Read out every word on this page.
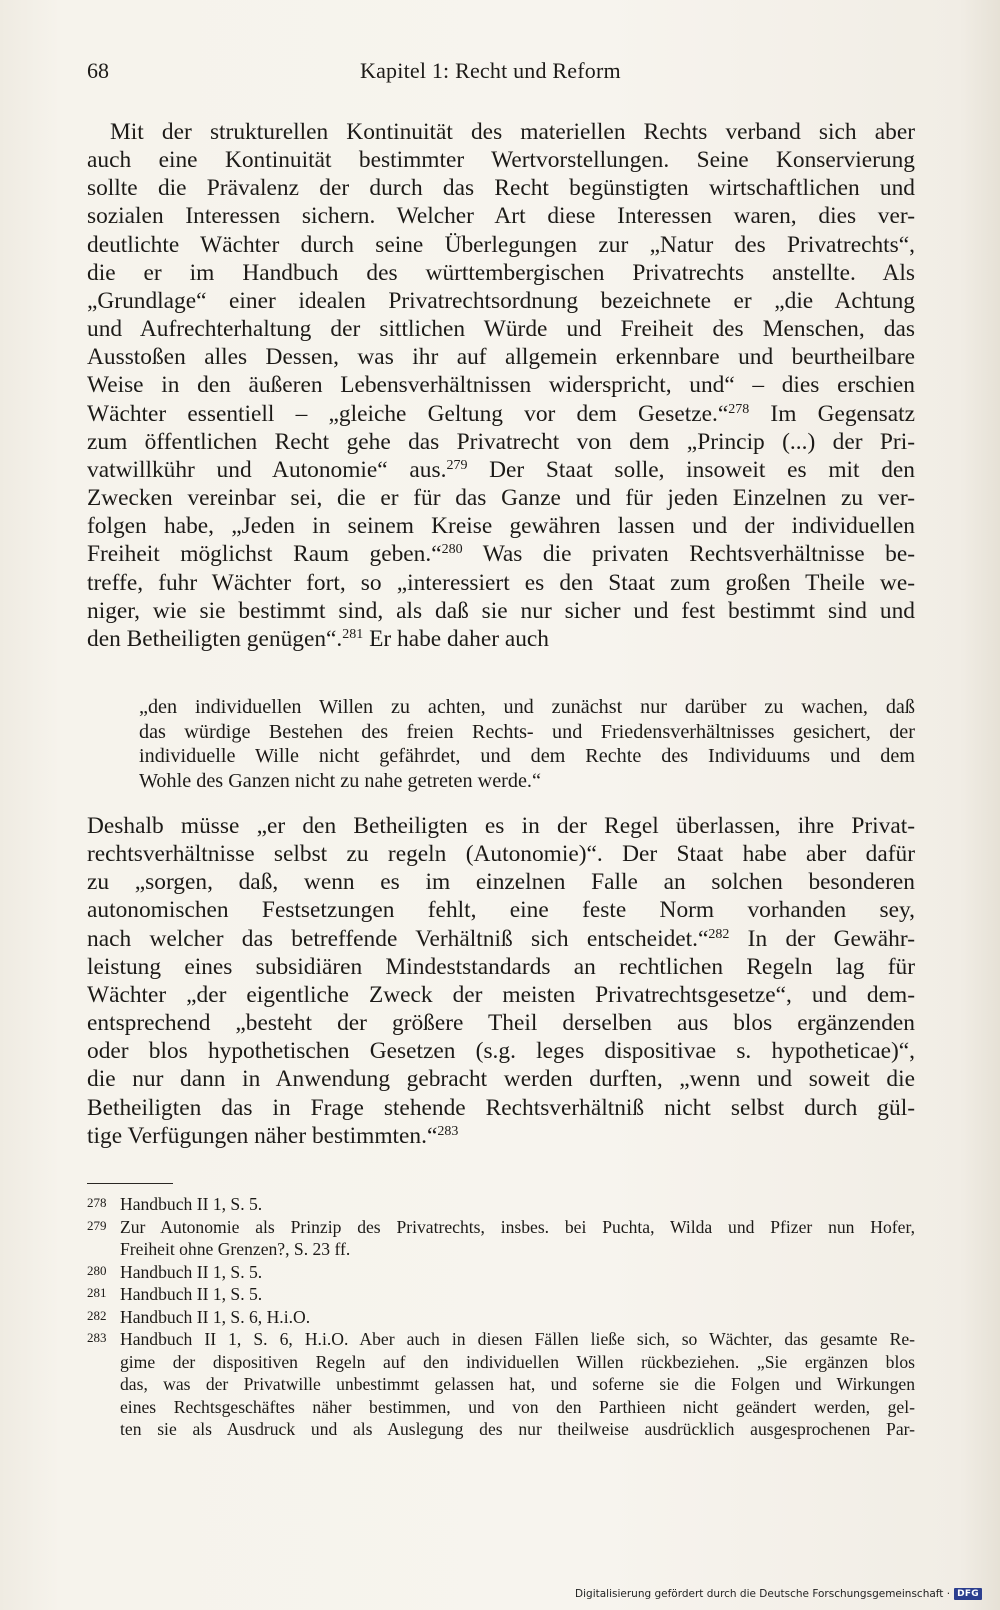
68	Kapitel 1: Recht und Reform
Mit der strukturellen Kontinuität des materiellen Rechts verband sich aber
auch eine Kontinuität bestimmter Wertvorstellungen. Seine Konservierung
sollte die Prävalenz der durch das Recht begünstigten wirtschaftlichen und
sozialen Interessen sichern. Welcher Art diese Interessen waren, dies ver-
deutlichte Wächter durch seine Überlegungen zur „Natur des Privatrechts“,
die er im Handbuch des württembergischen Privatrechts anstellte. Als
„Grundlage“ einer idealen Privatrechtsordnung bezeichnete er „die Achtung
und Aufrechterhaltung der sittlichen Würde und Freiheit des Menschen, das
Ausstoßen alles Dessen, was ihr auf allgemein erkennbare und beurtheilbare
Weise in den äußeren Lebensverhältnissen widerspricht, und“ – dies erschien
Wächter essentiell – „gleiche Geltung vor dem Gesetze.“$^{278}$ Im Gegensatz
zum öffentlichen Recht gehe das Privatrecht von dem „Princip (...) der Pri-
vatwillkühr und Autonomie“ aus.$^{279}$ Der Staat solle, insoweit es mit den
Zwecken vereinbar sei, die er für das Ganze und für jeden Einzelnen zu ver-
folgen habe, „Jeden in seinem Kreise gewähren lassen und der individuellen
Freiheit möglichst Raum geben.“$^{280}$ Was die privaten Rechtsverhältnisse be-
treffe, fuhr Wächter fort, so „interessiert es den Staat zum großen Theile we-
niger, wie sie bestimmt sind, als daß sie nur sicher und fest bestimmt sind und
den Betheiligten genügen“.$^{281}$ Er habe daher auch
„den individuellen Willen zu achten, und zunächst nur darüber zu wachen, daß
das würdige Bestehen des freien Rechts- und Friedensverhältnisses gesichert, der
individuelle Wille nicht gefährdet, und dem Rechte des Individuums und dem
Wohle des Ganzen nicht zu nahe getreten werde.“
Deshalb müsse „er den Betheiligten es in der Regel überlassen, ihre Privat-
rechtsverhältnisse selbst zu regeln (Autonomie)“. Der Staat habe aber dafür
zu „sorgen, daß, wenn es im einzelnen Falle an solchen besonderen
autonomischen Festsetzungen fehlt, eine feste Norm vorhanden sey,
nach welcher das betreffende Verhältniß sich entscheidet.“$^{282}$ In der Gewähr-
leistung eines subsidiären Mindeststandards an rechtlichen Regeln lag für
Wächter „der eigentliche Zweck der meisten Privatrechtsgesetze“, und dem-
entsprechend „besteht der größere Theil derselben aus blos ergänzenden
oder blos hypothetischen Gesetzen (s.g. leges dispositivae s. hypotheticae)“,
die nur dann in Anwendung gebracht werden durften, „wenn und soweit die
Betheiligten das in Frage stehende Rechtsverhältniß nicht selbst durch gül-
tige Verfügungen näher bestimmten.“$^{283}$
278 Handbuch II 1, S. 5.
279 Zur Autonomie als Prinzip des Privatrechts, insbes. bei Puchta, Wilda und Pfizer nun Hofer,
Freiheit ohne Grenzen?, S. 23 ff.
280 Handbuch II 1, S. 5.
281 Handbuch II 1, S. 5.
282 Handbuch II 1, S. 6, H.i.O.
283 Handbuch II 1, S. 6, H.i.O. Aber auch in diesen Fällen ließe sich, so Wächter, das gesamte Re-
gime der dispositiven Regeln auf den individuellen Willen rückbeziehen. „Sie ergänzen blos
das, was der Privatwille unbestimmt gelassen hat, und soferne sie die Folgen und Wirkungen
eines Rechtsgeschäftes näher bestimmen, und von den Parthieen nicht geändert werden, gel-
ten sie als Ausdruck und als Auslegung des nur theilweise ausdrücklich ausgesprochenen Par-
Digitalisierung gefördert durch die Deutsche Forschungsgemeinschaft · DFG
